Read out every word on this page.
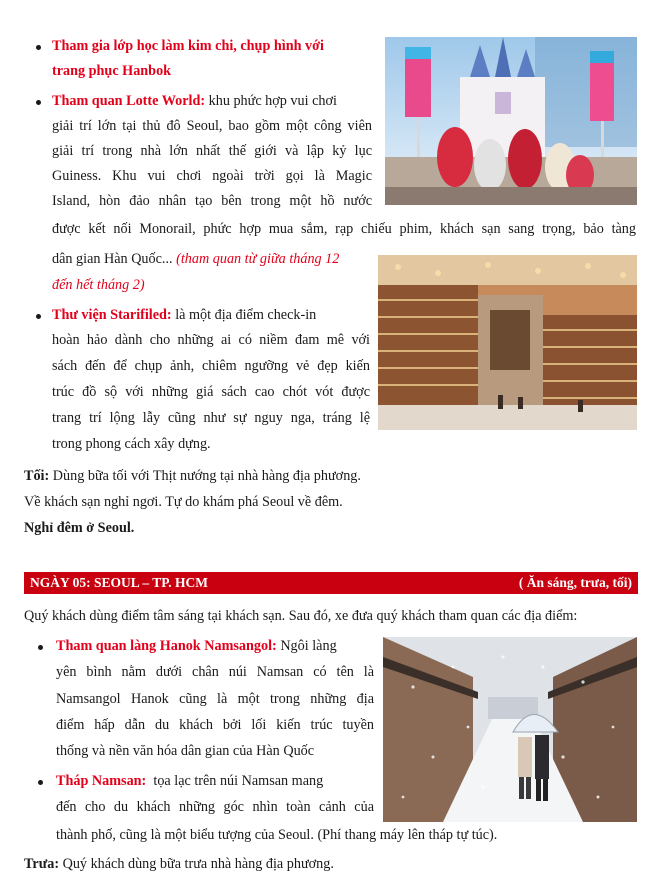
Tham gia lớp học làm kim chi, chụp hình với
trang phục Hanbok
Tham quan Lotte World: khu phức hợp vui chơi
giải trí lớn tại thủ đô Seoul, bao gồm một công viên
giải trí trong nhà lớn nhất thế giới và lập kỷ lục
Guiness. Khu vui chơi ngoài trời gọi là Magic
Island, hòn đảo nhân tạo bên trong một hồ nước
được kết nối Monorail, phức hợp mua sắm, rạp chiếu phim, khách sạn sang trọng, bảo tàng
dân gian Hàn Quốc... (tham quan từ giữa tháng 12
đến hết tháng 2)
Thư viện Starifiled: là một địa điểm check-in
hoàn hảo dành cho những ai có niềm đam mê với
sách đến để chụp ảnh, chiêm ngưỡng vẻ đẹp kiến
trúc đồ sộ với những giá sách cao chót vót được
trang trí lộng lẫy cũng như sự nguy nga, tráng lệ
trong phong cách xây dựng.
Tối: Dùng bữa tối với Thịt nướng tại nhà hàng địa phương.
Về khách sạn nghỉ ngơi. Tự do khám phá Seoul về đêm.
Nghỉ đêm ở Seoul.
NGÀY 05: SEOUL – TP. HCM	( Ăn sáng, trưa, tối)
Quý khách dùng điểm tâm sáng tại khách sạn. Sau đó, xe đưa quý khách tham quan các địa điểm:
Tham quan làng Hanok Namsangol: Ngôi làng
yên bình nằm dưới chân núi Namsan có tên là
Namsangol Hanok cũng là một trong những địa
điểm hấp dẫn du khách bởi lối kiến trúc tuyền
thống và nền văn hóa dân gian của Hàn Quốc
Tháp Namsan:  tọa lạc trên núi Namsan mang
đến cho du khách những góc nhìn toàn cảnh của
thành phố, cũng là một biểu tượng của Seoul. (Phí thang máy lên tháp tự túc).
Trưa: Quý khách dùng bữa trưa nhà hàng địa phương.
